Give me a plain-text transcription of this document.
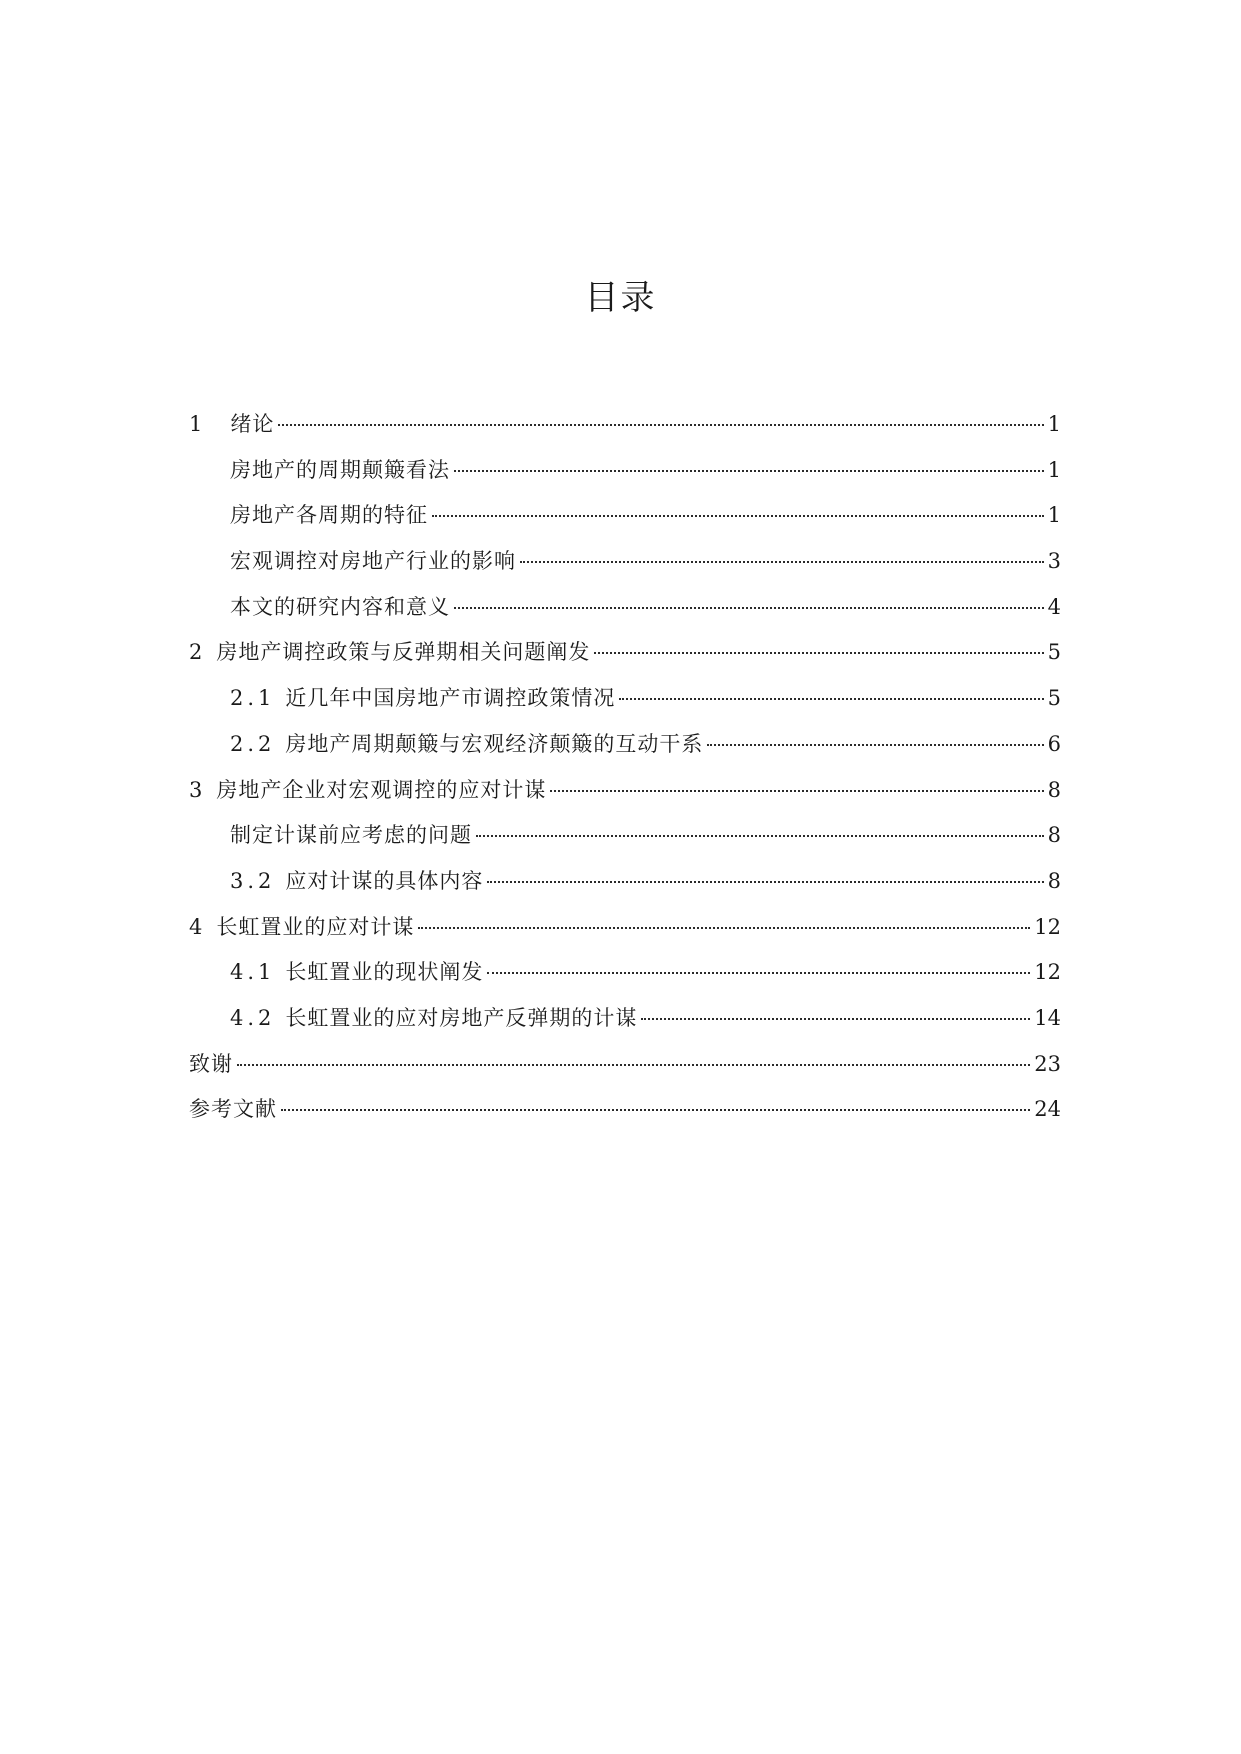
目录
1 绪论	1
房地产的周期颠簸看法	1
房地产各周期的特征	1
宏观调控对房地产行业的影响	3
本文的研究内容和意义	4
2 房地产调控政策与反弹期相关问题阐发	5
2.1 近几年中国房地产市调控政策情况	5
2.2 房地产周期颠簸与宏观经济颠簸的互动干系	6
3 房地产企业对宏观调控的应对计谋	8
制定计谋前应考虑的问题	8
3.2 应对计谋的具体内容	8
4 长虹置业的应对计谋	12
4.1 长虹置业的现状阐发	12
4.2 长虹置业的应对房地产反弹期的计谋	14
致谢	23
参考文献	24
